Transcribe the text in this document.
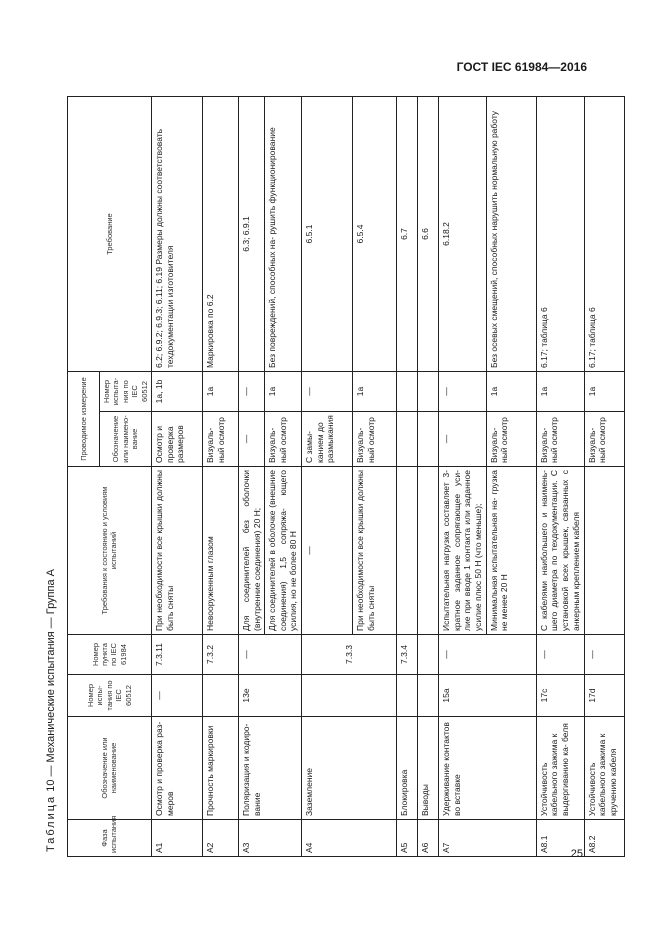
ГОСТ IEC 61984—2016
Таблица 10 — Механические испытания — Группа А
Фаза испытания	Обозначение или наименование	Номер испы- тания по IEC 60512	Номер пункта по IEC 61984	Требования к состоянию и условиям испытаний	Проводимое измерение		Требование
					Обозначение или наимено- вание	Номер испыта- ния по IEC 60512	
A1	Осмотр и проверка раз- меров	—	7.3.11	При необходимости все крышки должны быть сняты	Осмотр и проверка размеров	1a, 1b	6.2; 6.9.2; 6.9.3; 6.11; 6.19 Размеры должны соответствовать техдокументации изготовителя
A2	Прочность маркировки		7.3.2	Невооруженным глазом	Визуаль- ный осмотр	1a	Маркировка по 6.2
A3	Поляризация и кодиро- вание	13e	—	Для соединителей без оболочки (внутренние соединения) 20 Н;	—	—	6.3; 6.9.1
				Для соединителей в оболочке (внешние соединения) 1,5 сопряжа- ющего усилия, но не более 80 Н	Визуаль- ный осмотр	1a	Без повреждений, способных на- рушить функционирование
A4	Заземление		7.3.3	—	С замы- канием до размыкания	—	6.5.1
				При необходимости все крышки должны быть сняты	Визуаль- ный осмотр	1a	6.5.4
A5	Блокировка		7.3.4				6.7
A6	Выводы						6.6
A7	Удерживание контактов во вставке	15a	—	Испытательная нагрузка составляет 3-кратное заданное сопрягающее уси- лие при вводе 1 контакта или заданное усилие плюс 50 Н (что меньше);	—	—	6.18.2
				Минимальная испытательная на- грузка не менее 20 Н	Визуаль- ный осмотр	1a	Без осевых смещений, способных нарушить нормальную работу
A8.1	Устойчивость кабельного зажима к выдергиванию ка- беля	17c	—	С кабелями наибольшего и наимень- шего диаметра по техдокументации. С установкой всех крышек, связанных с анкерным креплением кабеля	Визуаль- ный осмотр	1a	6.17; таблица 6
A8.2	Устойчивость кабельного зажима к кручению кабеля	17d	—		Визуаль- ный осмотр	1a	6.17; таблица 6
25
